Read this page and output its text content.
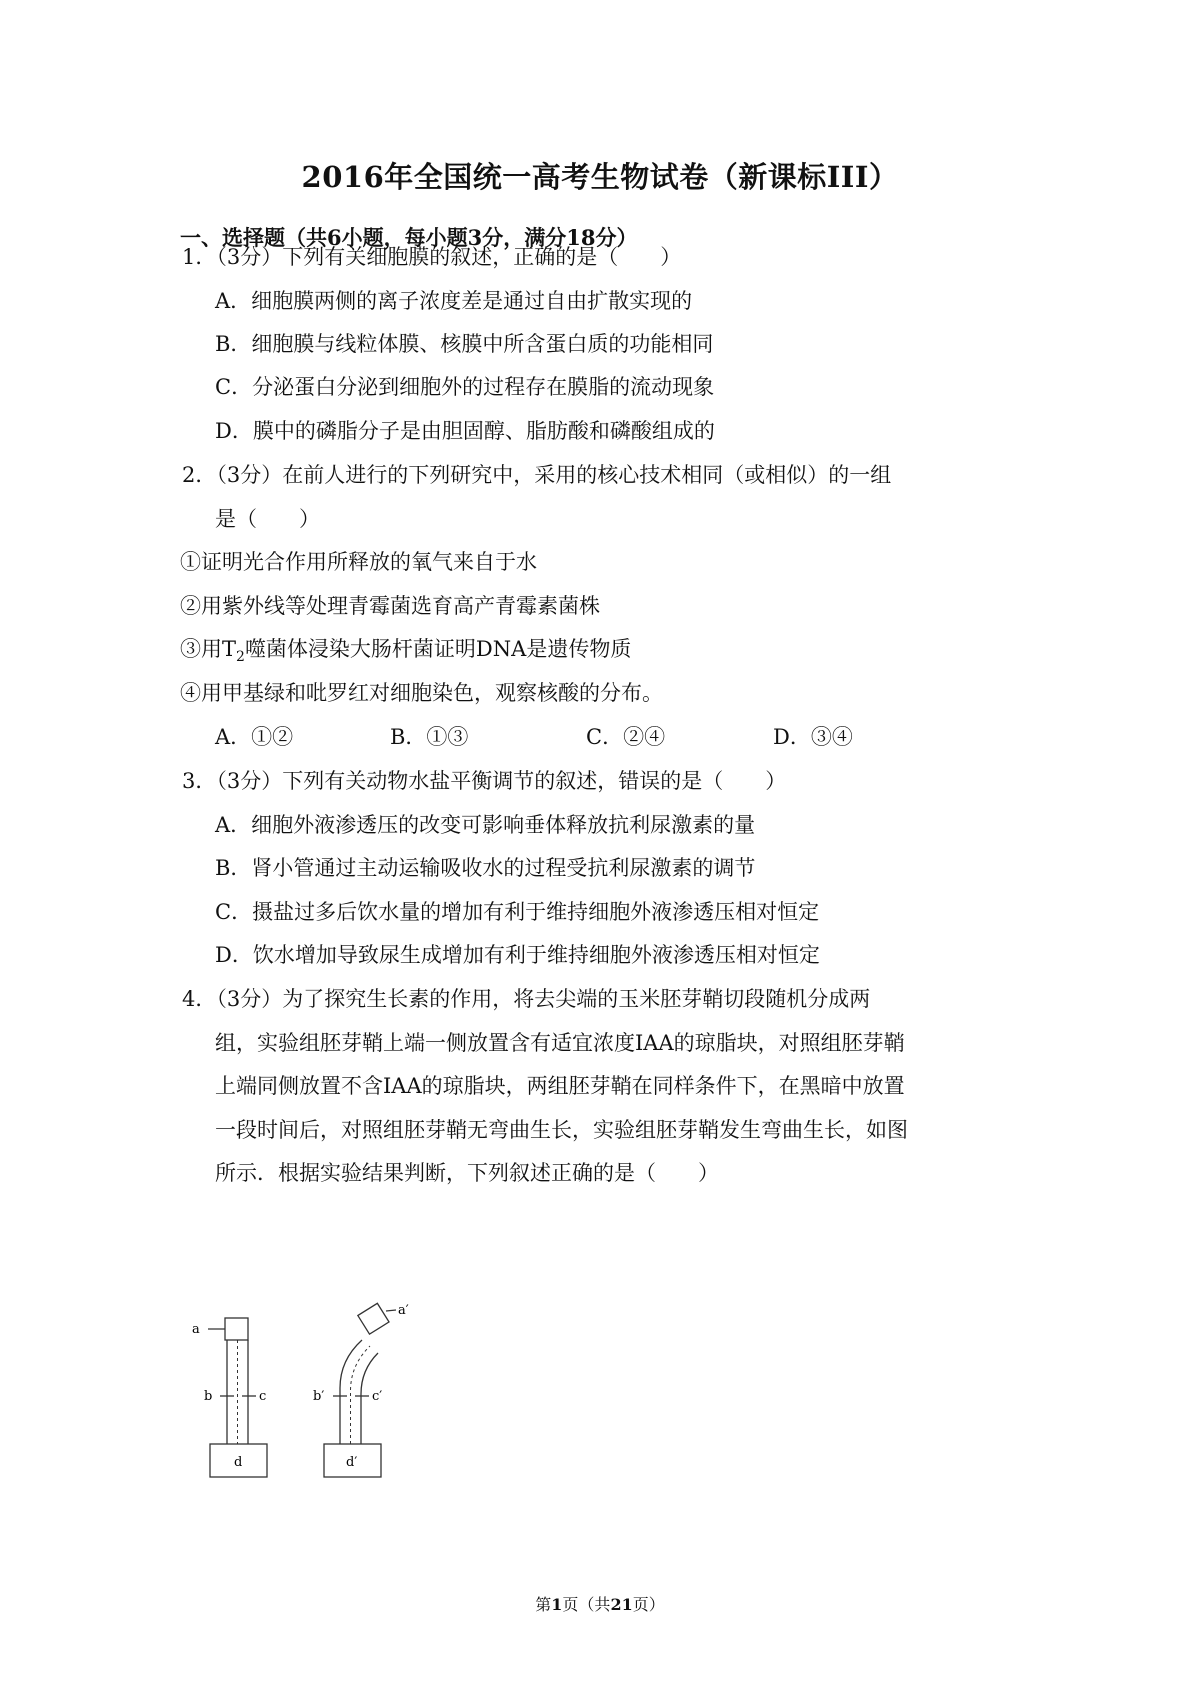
2016年全国统一高考生物试卷（新课标III）
一、选择题（共6小题，每小题3分，满分18分）
1．（3分）下列有关细胞膜的叙述，正确的是（　　）
A．细胞膜两侧的离子浓度差是通过自由扩散实现的
B．细胞膜与线粒体膜、核膜中所含蛋白质的功能相同
C．分泌蛋白分泌到细胞外的过程存在膜脂的流动现象
D．膜中的磷脂分子是由胆固醇、脂肪酸和磷酸组成的
2．（3分）在前人进行的下列研究中，采用的核心技术相同（或相似）的一组
是（　　）
①证明光合作用所释放的氧气来自于水
②用紫外线等处理青霉菌选育高产青霉素菌株
③用$T_2$噬菌体浸染大肠杆菌证明DNA是遗传物质
④用甲基绿和吡罗红对细胞染色，观察核酸的分布。
A．①②	B．①③	C．②④	D．③④
3．（3分）下列有关动物水盐平衡调节的叙述，错误的是（　　）
A．细胞外液渗透压的改变可影响垂体释放抗利尿激素的量
B．肾小管通过主动运输吸收水的过程受抗利尿激素的调节
C．摄盐过多后饮水量的增加有利于维持细胞外液渗透压相对恒定
D．饮水增加导致尿生成增加有利于维持细胞外液渗透压相对恒定
4．（3分）为了探究生长素的作用，将去尖端的玉米胚芽鞘切段随机分成两
组，实验组胚芽鞘上端一侧放置含有适宜浓度IAA的琼脂块，对照组胚芽鞘
上端同侧放置不含IAA的琼脂块，两组胚芽鞘在同样条件下，在黑暗中放置
一段时间后，对照组胚芽鞘无弯曲生长，实验组胚芽鞘发生弯曲生长，如图
所示．根据实验结果判断，下列叙述正确的是（　　）
a
b	c
d
a′
b′	c′
d′
第1页（共21页）
